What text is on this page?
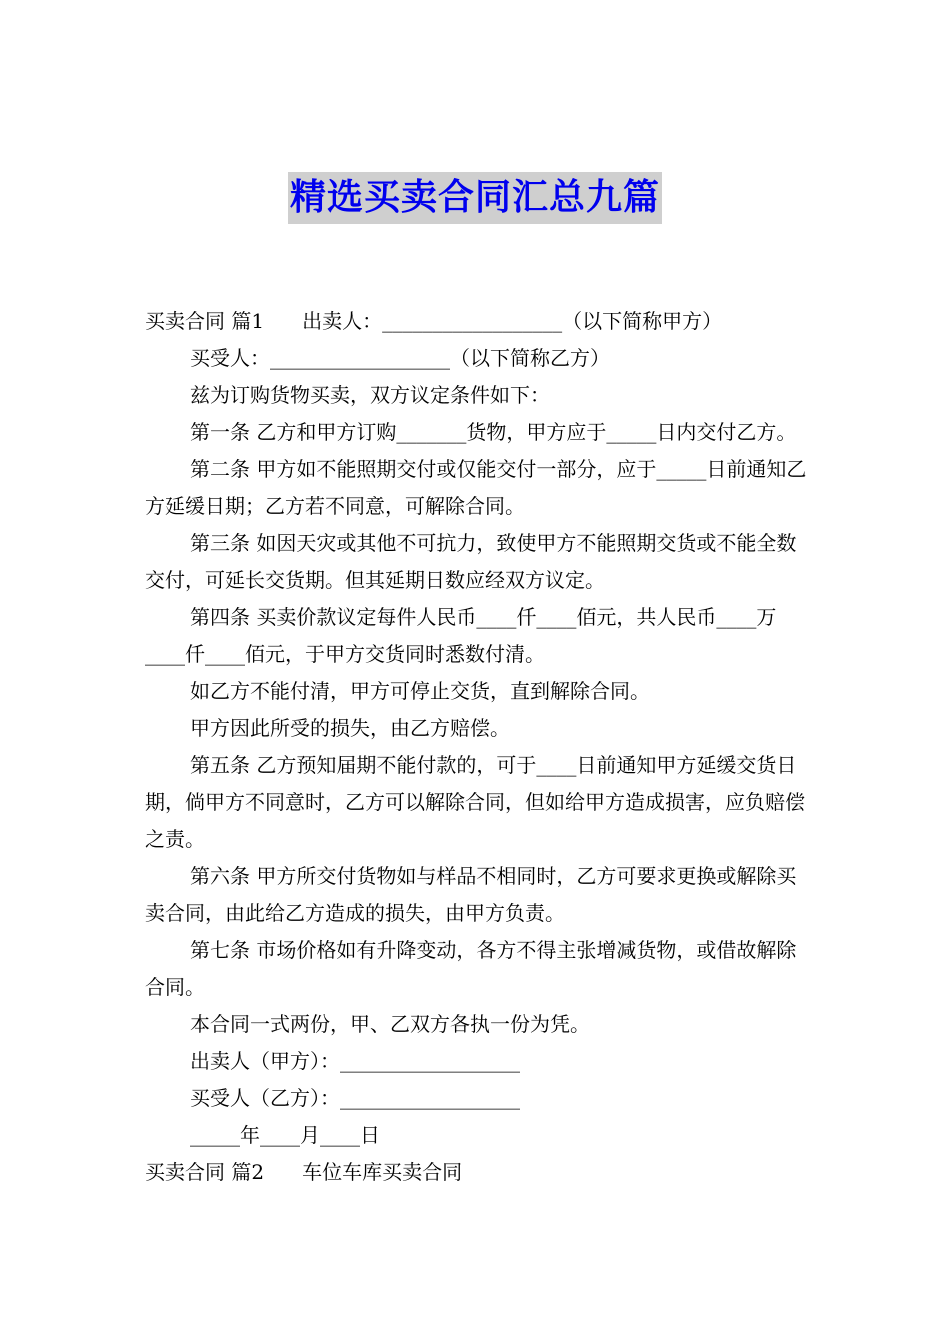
精选买卖合同汇总九篇

买卖合同 篇1 出卖人：__________________（以下简称甲方）

买受人：__________________（以下简称乙方）

兹为订购货物买卖，双方议定条件如下：

第一条 乙方和甲方订购_______货物，甲方应于_____日内交付乙方。

第二条 甲方如不能照期交付或仅能交付一部分，应于_____日前通知乙方延缓日期；乙方若不同意，可解除合同。

第三条 如因天灾或其他不可抗力，致使甲方不能照期交货或不能全数交付，可延长交货期。但其延期日数应经双方议定。

第四条 买卖价款议定每件人民币____仟____佰元，共人民币____万____仟____佰元，于甲方交货同时悉数付清。

如乙方不能付清，甲方可停止交货，直到解除合同。

甲方因此所受的损失，由乙方赔偿。

第五条 乙方预知届期不能付款的，可于____日前通知甲方延缓交货日期，倘甲方不同意时，乙方可以解除合同，但如给甲方造成损害，应负赔偿之责。

第六条 甲方所交付货物如与样品不相同时，乙方可要求更换或解除买卖合同，由此给乙方造成的损失，由甲方负责。

第七条 市场价格如有升降变动，各方不得主张增减货物，或借故解除合同。

本合同一式两份，甲、乙双方各执一份为凭。

出卖人（甲方）：__________________

买受人（乙方）：__________________

_____年____月____日

买卖合同 篇2 车位车库买卖合同
